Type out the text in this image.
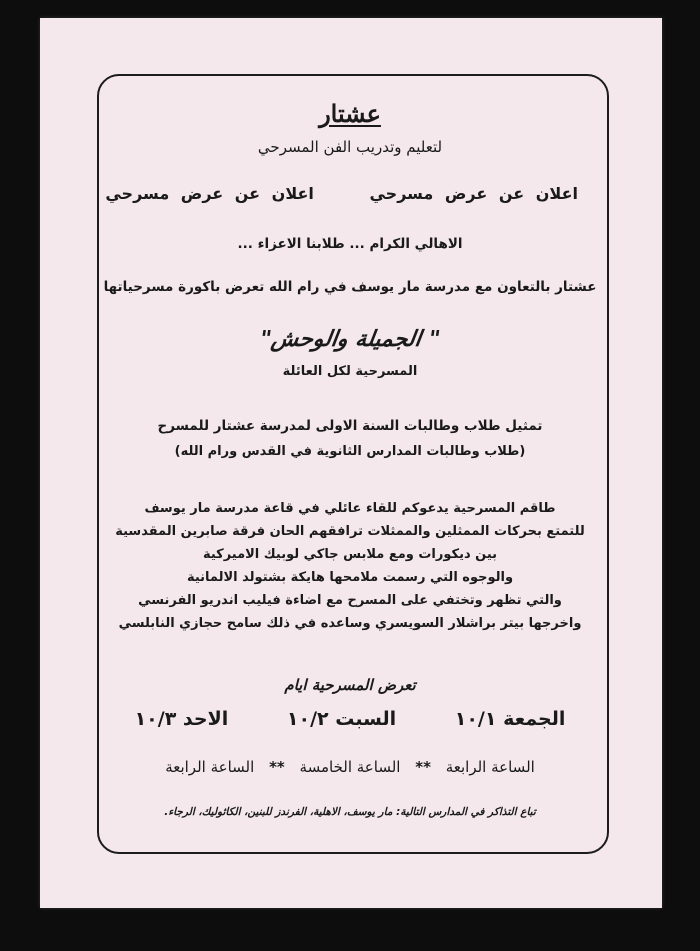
عشتار
لتعليم وتدريب الفن المسرحي
اعلان عن عرض مسرحي اعلان عن عرض مسرحي
الاهالي الكرام ... طلابنا الاعزاء ...
عشتار بالتعاون مع مدرسة مار يوسف في رام الله تعرض باكورة مسرحياتها
" الجميلة والوحش"
المسرحية لكل العائلة
تمثيل طلاب وطالبات السنة الاولى لمدرسة عشتار للمسرح
(طلاب وطالبات المدارس الثانوية في القدس ورام الله)
طاقم المسرحية يدعوكم للقاء عائلي في قاعة مدرسة مار يوسف
للتمتع بحركات الممثلين والممثلات ترافقهم الحان فرقة صابرين المقدسية
بين ديكورات ومع ملابس جاكي لوبيك الاميركية
والوجوه التي رسمت ملامحها هايكة بشتولد الالمانية
والتي تظهر وتختفي على المسرح مع اضاءة فيليب اندريو الفرنسي
واخرجها بيتر براشلار السويسري وساعده في ذلك سامح حجازي النابلسي
تعرض المسرحية ايام
الجمعة ١٠/١ السبت ١٠/٢ الاحد ١٠/٣
الساعة الرابعة ** الساعة الخامسة ** الساعة الرابعة
تباع التذاكر في المدارس التالية: مار يوسف، الاهلية، الفرندز للبنين، الكاثوليك، الرجاء.
